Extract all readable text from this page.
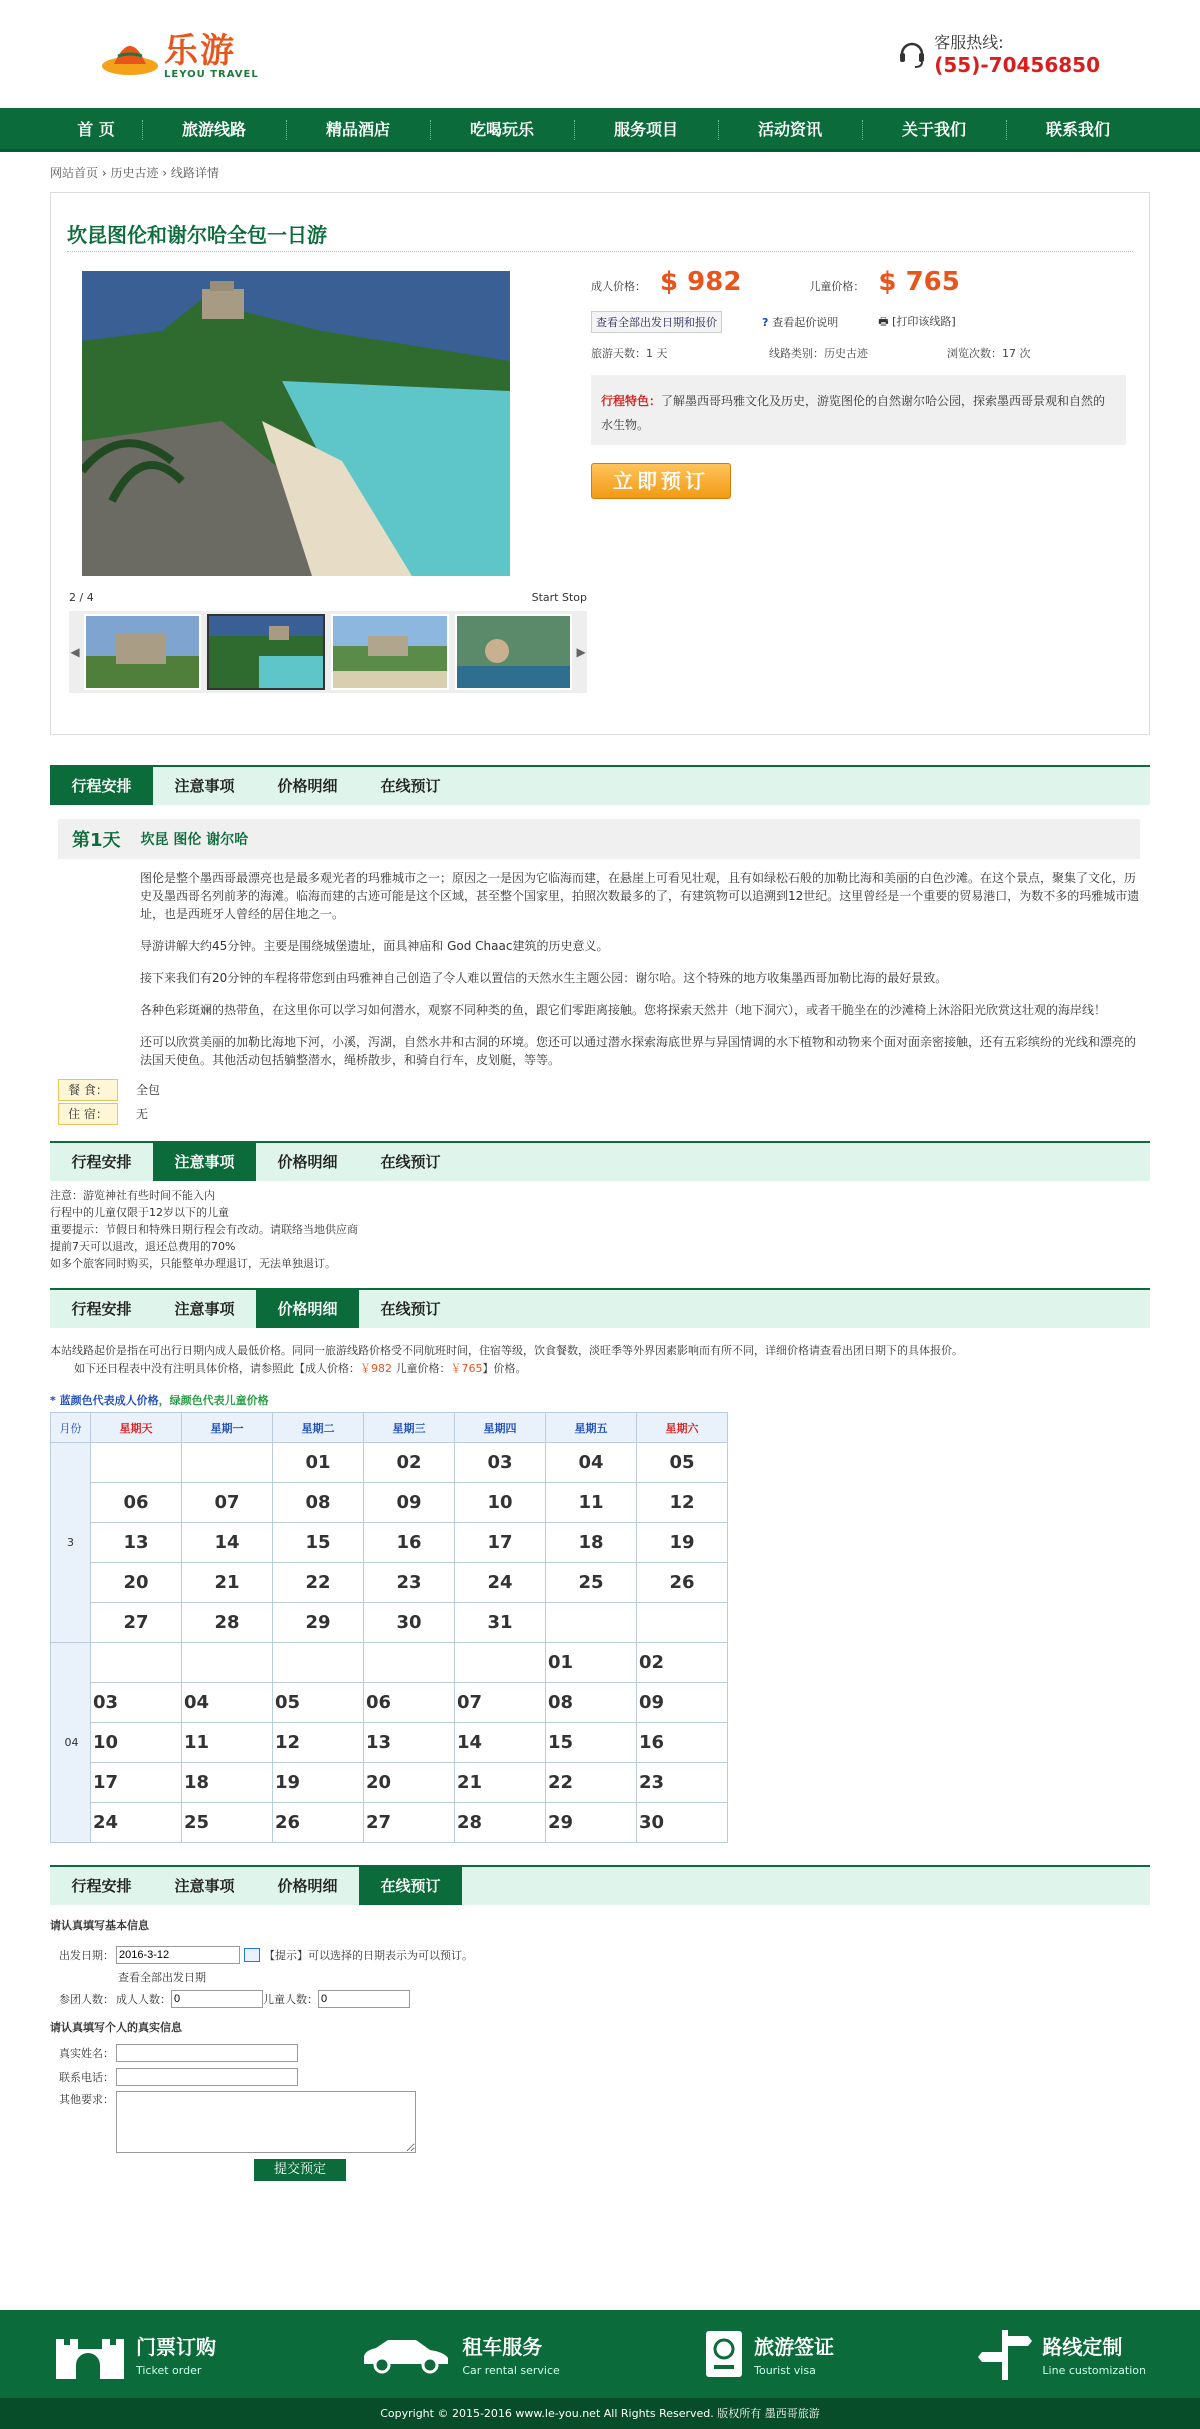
乐游
LEYOU TRAVEL
客服热线:
(55)-70456850
首 页	旅游线路	精品酒店	吃喝玩乐	服务项目	活动资讯	关于我们	联系我们
网站首页 › 历史古迹 › 线路详情
坎昆图伦和谢尔哈全包一日游
2 / 4	Start Stop
◀	▶
成人价格： $ 982	儿童价格： $ 765
查看全部出发日期和报价	? 查看起价说明	🖶 [打印该线路]
旅游天数：1 天	线路类别：历史古迹	浏览次数：17 次
行程特色：了解墨西哥玛雅文化及历史，游览图伦的自然谢尔哈公园，探索墨西哥景观和自然的水生物。
立即预订
行程安排	注意事项	价格明细	在线预订
第1天 坎昆 图伦 谢尔哈

图伦是整个墨西哥最漂亮也是最多观光者的玛雅城市之一；原因之一是因为它临海而建，在悬崖上可看见壮观，且有如绿松石般的加勒比海和美丽的白色沙滩。在这个景点，聚集了文化，历史及墨西哥名列前茅的海滩。临海而建的古迹可能是这个区域，甚至整个国家里，拍照次数最多的了，有建筑物可以追溯到12世纪。这里曾经是一个重要的贸易港口，为数不多的玛雅城市遗址，也是西班牙人曾经的居住地之一。

导游讲解大约45分钟。主要是围绕城堡遗址，面具神庙和 God Chaac建筑的历史意义。

接下来我们有20分钟的车程将带您到由玛雅神自己创造了令人难以置信的天然水生主题公园：谢尔哈。这个特殊的地方收集墨西哥加勒比海的最好景致。

各种色彩斑斓的热带鱼，在这里你可以学习如何潜水，观察不同种类的鱼，跟它们零距离接触。您将探索天然井（地下洞穴），或者干脆坐在的沙滩椅上沐浴阳光欣赏这壮观的海岸线！

还可以欣赏美丽的加勒比海地下河，小溪，泻湖，自然水井和古洞的环境。您还可以通过潜水探索海底世界与异国情调的水下植物和动物来个面对面亲密接触，还有五彩缤纷的光线和漂亮的法国天使鱼。其他活动包括躺整潜水，绳桥散步，和骑自行车，皮划艇，等等。

餐 食：	全包
住 宿：	无
行程安排	注意事项	价格明细	在线预订
注意：游览神社有些时间不能入内
行程中的儿童仅限于12岁以下的儿童
重要提示：节假日和特殊日期行程会有改动。请联络当地供应商
提前7天可以退改，退还总费用的70%
如多个旅客同时购买，只能整单办理退订，无法单独退订。
行程安排	注意事项	价格明细	在线预订
本站线路起价是指在可出行日期内成人最低价格。同同一旅游线路价格受不同航班时间，住宿等级，饮食餐数，淡旺季等外界因素影响而有所不同，详细价格请查看出团日期下的具体报价。
如下还日程表中没有注明具体价格，请参照此【成人价格：￥982 儿童价格：￥765】价格。
* 蓝颜色代表成人价格，绿颜色代表儿童价格
月份	星期天	星期一	星期二	星期三	星期四	星期五	星期六
3			01	02	03	04	05
	06	07	08	09	10	11	12
	13	14	15	16	17	18	19
	20	21	22	23	24	25	26
	27	28	29	30	31		
04						01	02
	03	04	05	06	07	08	09
	10	11	12	13	14	15	16
	17	18	19	20	21	22	23
	24	25	26	27	28	29	30
行程安排	注意事项	价格明细	在线预订
请认真填写基本信息
出发日期：
2016-3-12	【提示】可以选择的日期表示为可以预订。
查看全部出发日期
参团人数： 成人人数：
0	儿童人数：
0
请认真填写个人的真实信息
真实姓名：
联系电话：
其他要求：
提交预定
门票订购
Ticket order
租车服务
Car rental service
旅游签证
Tourist visa
路线定制
Line customization
Copyright © 2015-2016 www.le-you.net All Rights Reserved. 版权所有 墨西哥旅游
